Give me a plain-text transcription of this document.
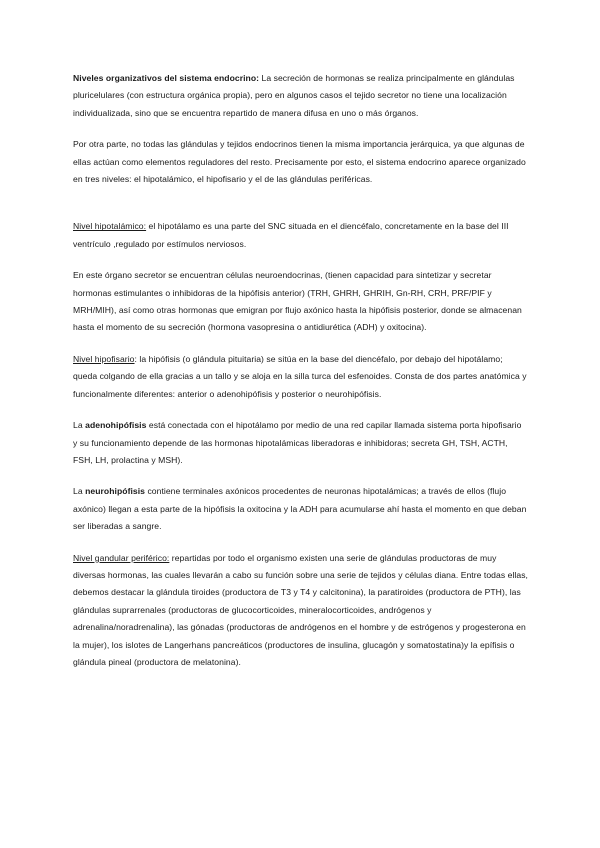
Niveles organizativos del sistema endocrino: La secreción de hormonas se realiza principalmente en glándulas pluricelulares (con estructura orgánica propia), pero en algunos casos el tejido secretor no tiene una localización individualizada, sino que se encuentra repartido de manera difusa en uno o más órganos.

Por otra parte, no todas las glándulas y tejidos endocrinos tienen la misma importancia jerárquica, ya que algunas de ellas actúan como elementos reguladores del resto. Precisamente por esto, el sistema endocrino aparece organizado en tres niveles: el hipotalámico, el hipofisario y el de las glándulas periféricas.

Nivel hipotalámico: el hipotálamo es una parte del SNC situada en el diencéfalo, concretamente en la base del III ventrículo ,regulado por estímulos nerviosos.

En este órgano secretor se encuentran células neuroendocrinas, (tienen capacidad para sintetizar y secretar hormonas estimulantes o inhibidoras de la hipófisis anterior) (TRH, GHRH, GHRIH, Gn-RH, CRH, PRF/PIF y MRH/MIH), así como otras hormonas que emigran por flujo axónico hasta la hipófisis posterior, donde se almacenan hasta el momento de su secreción (hormona vasopresina o antidiurética (ADH) y oxitocina).

Nivel hipofisario: la hipófisis (o glándula pituitaria) se sitúa en la base del diencéfalo, por debajo del hipotálamo; queda colgando de ella gracias a un tallo y se aloja en la silla turca del esfenoides. Consta de dos partes anatómica y funcionalmente diferentes: anterior o adenohipófisis y posterior o neurohipófisis.

La adenohipófisis está conectada con el hipotálamo por medio de una red capilar llamada sistema porta hipofisario y su funcionamiento depende de las hormonas hipotalámicas liberadoras e inhibidoras; secreta GH, TSH, ACTH, FSH, LH, prolactina y MSH).

La neurohipófisis contiene terminales axónicos procedentes de neuronas hipotalámicas; a través de ellos (flujo axónico) llegan a esta parte de la hipófisis la oxitocina y la ADH para acumularse ahí hasta el momento en que deban ser liberadas a sangre.

Nivel gandular periférico: repartidas por todo el organismo existen una serie de glándulas productoras de muy diversas hormonas, las cuales llevarán a cabo su función sobre una serie de tejidos y células diana. Entre todas ellas, debemos destacar la glándula tiroides (productora de T3 y T4 y calcitonina), la paratiroides (productora de PTH), las glándulas suprarrenales (productoras de glucocorticoides, mineralocorticoides, andrógenos y adrenalina/noradrenalina), las gónadas (productoras de andrógenos en el hombre y de estrógenos y progesterona en la mujer), los islotes de Langerhans pancreáticos (productores de insulina, glucagón y somatostatina)y la epífisis o glándula pineal (productora de melatonina).
